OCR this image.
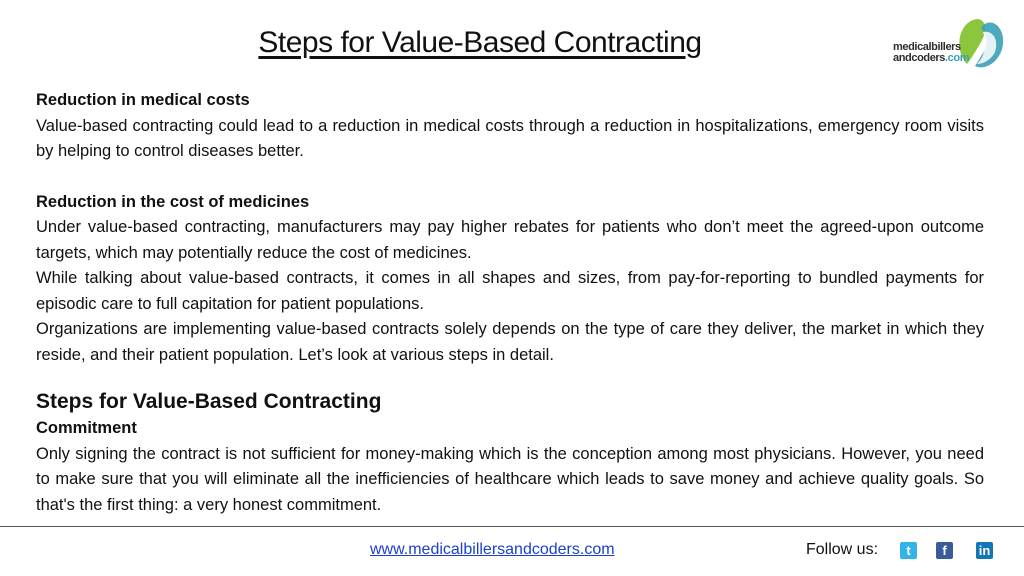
Steps for Value-Based Contracting	medicalbillers
andcoders.com

Reduction in medical costs

Value-based contracting could lead to a reduction in medical costs through a reduction in hospitalizations, emergency room visits by helping to control diseases better.

Reduction in the cost of medicines

Under value-based contracting, manufacturers may pay higher rebates for patients who don’t meet the agreed-upon outcome targets, which may potentially reduce the cost of medicines.

While talking about value-based contracts, it comes in all shapes and sizes, from pay-for-reporting to bundled payments for episodic care to full capitation for patient populations.

Organizations are implementing value-based contracts solely depends on the type of care they deliver, the market in which they reside, and their patient population. Let’s look at various steps in detail.

Steps for Value-Based Contracting

Commitment

Only signing the contract is not sufficient for money-making which is the conception among most physicians. However, you need to make sure that you will eliminate all the inefficiencies of healthcare which leads to save money and achieve quality goals. So that's the first thing: a very honest commitment.

www.medicalbillersandcoders.com	Follow us:	t	f	in
